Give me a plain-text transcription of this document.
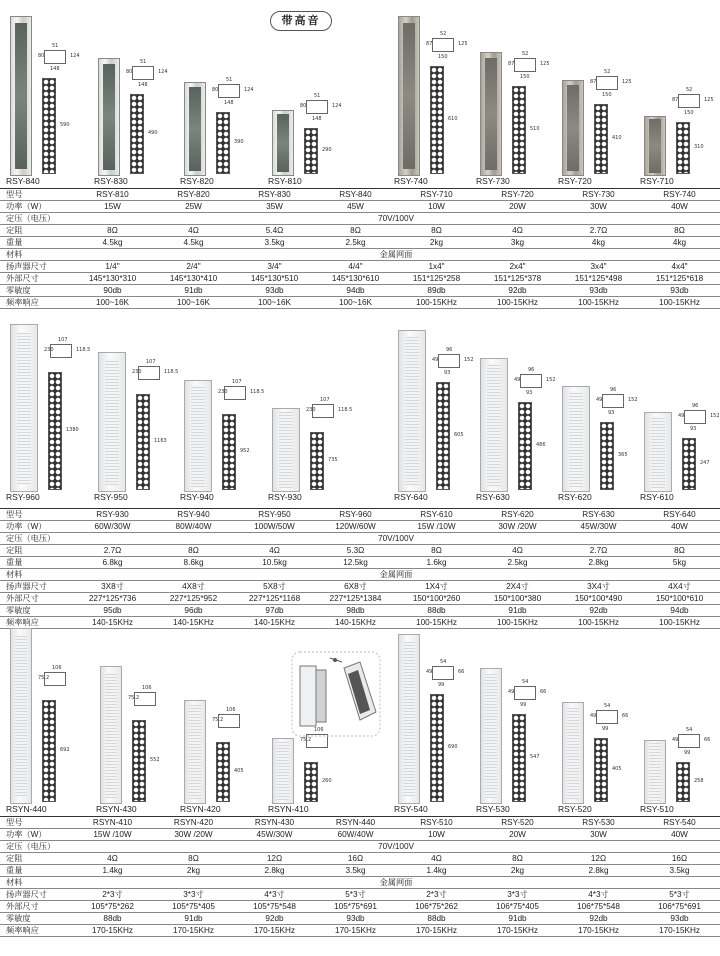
带高音
51
80	124
148
590
RSY-840
51
80	124
148
490
RSY-830
51
80	124
148
390
RSY-820
51
80	124
148
290
RSY-810
52
87	125
150
610
RSY-740
52
87	125
150
510
RSY-730
52
87	125
150
410
RSY-720
52
87	125
150
310
RSY-710
型号	RSY-810	RSY-820	RSY-830	RSY-840	RSY-710	RSY-720	RSY-730	RSY-740
功率（W）	15W	25W	35W	45W	10W	20W	30W	40W
定压（电压）	70V/100V							
定阻	8Ω	4Ω	5.4Ω	8Ω	8Ω	4Ω	2.7Ω	8Ω
重量	4.5kg	4.5kg	3.5kg	2.5kg	2kg	3kg	4kg	4kg
材料	金属网面							
扬声器尺寸	1/4"	2/4"	3/4"	4/4"	1x4"	2x4"	3x4"	4x4"
外部尺寸	145*130*310	145*130*410	145*130*510	145*130*610	151*125*258	151*125*378	151*125*498	151*125*618
零敏度	90db	91db	93db	94db	89db	92db	93db	93db
频率响应	100~16K	100~16K	100~16K	100~16K	100-15KHz	100-15KHz	100-15KHz	100-15KHz
107
230	118.5
1380
RSY-960
107
230	118.5
1163
RSY-950
107
230	118.5
952
RSY-940
107
230	118.5
735
RSY-930
96
49	152
93
605
RSY-640
96
49	152
93
486
RSY-630
96
49	152
93
365
RSY-620
96
49	152
93
247
RSY-610
型号	RSY-930	RSY-940	RSY-950	RSY-960	RSY-610	RSY-620	RSY-630	RSY-640
功率（W）	60W/30W	80W/40W	100W/50W	120W/60W	15W /10W	30W /20W	45W/30W	40W
定压（电压）	70V/100V							
定阻	2.7Ω	8Ω	4Ω	5.3Ω	8Ω	4Ω	2.7Ω	8Ω
重量	6.8kg	8.6kg	10.5kg	12.5kg	1.6kg	2.5kg	2.8kg	5kg
材料	金属网面							
扬声器尺寸	3X8寸	4X8寸	5X8寸	6X8寸	1X4寸	2X4寸	3X4寸	4X4寸
外部尺寸	227*125*736	227*125*952	227*125*1168	227*125*1384	150*100*260	150*100*380	150*100*490	150*100*610
零敏度	95db	96db	97db	98db	88db	91db	92db	94db
频率响应	140-15KHz	140-15KHz	140-15KHz	140-15KHz	100-15KHz	100-15KHz	100-15KHz	100-15KHz
106
75.2
692
RSYN-440
106
75.2
552
RSYN-430
106
75.2
405
RSYN-420
106
75.2
260
RSYN-410
54
49	66
99
690
RSY-540
54
49	66
99
547
RSY-530
54
49	66
99
405
RSY-520
54
49	66
99
258
RSY-510
型号	RSYN-410	RSYN-420	RSYN-430	RSYN-440	RSY-510	RSY-520	RSY-530	RSY-540
功率（W）	15W /10W	30W /20W	45W/30W	60W/40W	10W	20W	30W	40W
定压（电压）	70V/100V							
定阻	4Ω	8Ω	12Ω	16Ω	4Ω	8Ω	12Ω	16Ω
重量	1.4kg	2kg	2.8kg	3.5kg	1.4kg	2kg	2.8kg	3.5kg
材料	金属网面							
扬声器尺寸	2*3寸	3*3寸	4*3寸	5*3寸	2*3寸	3*3寸	4*3寸	5*3寸
外部尺寸	105*75*262	105*75*405	105*75*548	105*75*691	106*75*262	106*75*405	106*75*548	106*75*691
零敏度	88db	91db	92db	93db	88db	91db	92db	93db
频率响应	170-15KHz	170-15KHz	170-15KHz	170-15KHz	170-15KHz	170-15KHz	170-15KHz	170-15KHz
